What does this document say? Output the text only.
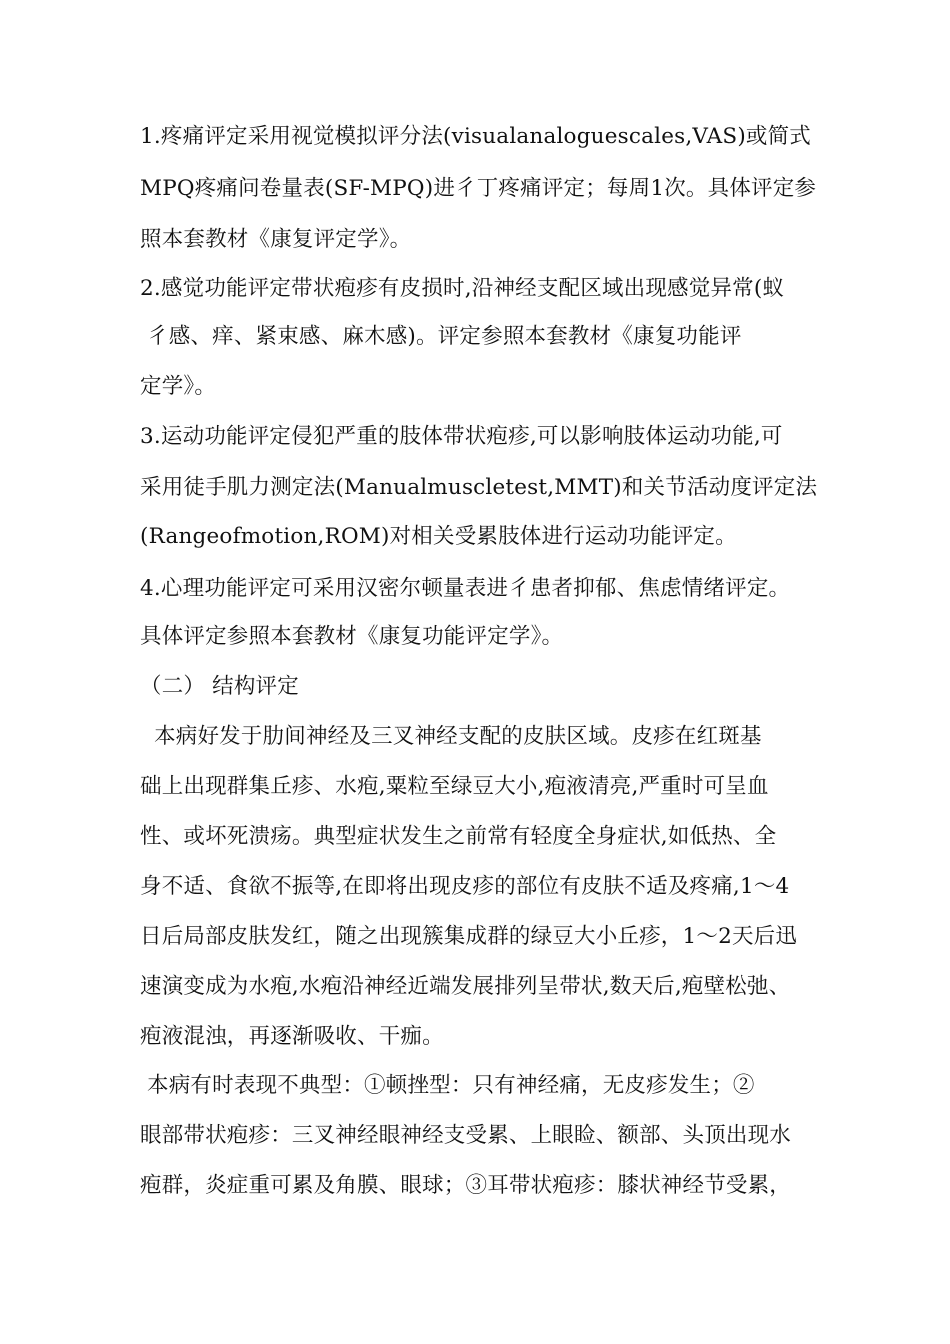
1.疼痛评定采用视觉模拟评分法(visualanaloguescales,VAS)或简式
MPQ疼痛问卷量表(SF-MPQ)进彳丁疼痛评定；每周1次。具体评定参
照本套教材《康复评定学》。
2.感觉功能评定带状疱疹有皮损时,沿神经支配区域出现感觉异常(蚁
彳感、痒、紧束感、麻木感)。评定参照本套教材《康复功能评
定学》。
3.运动功能评定侵犯严重的肢体带状疱疹,可以影响肢体运动功能,可
采用徒手肌力测定法(Manualmuscletest,MMT)和关节活动度评定法
(Rangeofmotion,ROM)对相关受累肢体进行运动功能评定。
4.心理功能评定可采用汉密尔顿量表进彳患者抑郁、焦虑情绪评定。
具体评定参照本套教材《康复功能评定学》。
（二） 结构评定
本病好发于肋间神经及三叉神经支配的皮肤区域。皮疹在红斑基
础上出现群集丘疹、水疱,粟粒至绿豆大小,疱液清亮,严重时可呈血
性、或坏死溃疡。典型症状发生之前常有轻度全身症状,如低热、全
身不适、食欲不振等,在即将出现皮疹的部位有皮肤不适及疼痛,1〜4
日后局部皮肤发红，随之出现簇集成群的绿豆大小丘疹，1〜2天后迅
速演变成为水疱,水疱沿神经近端发展排列呈带状,数天后,疱壁松弛、
疱液混浊，再逐渐吸收、干痂。
本病有时表现不典型：①顿挫型：只有神经痛，无皮疹发生；②
眼部带状疱疹：三叉神经眼神经支受累、上眼睑、额部、头顶出现水
疱群，炎症重可累及角膜、眼球；③耳带状疱疹：膝状神经节受累，
